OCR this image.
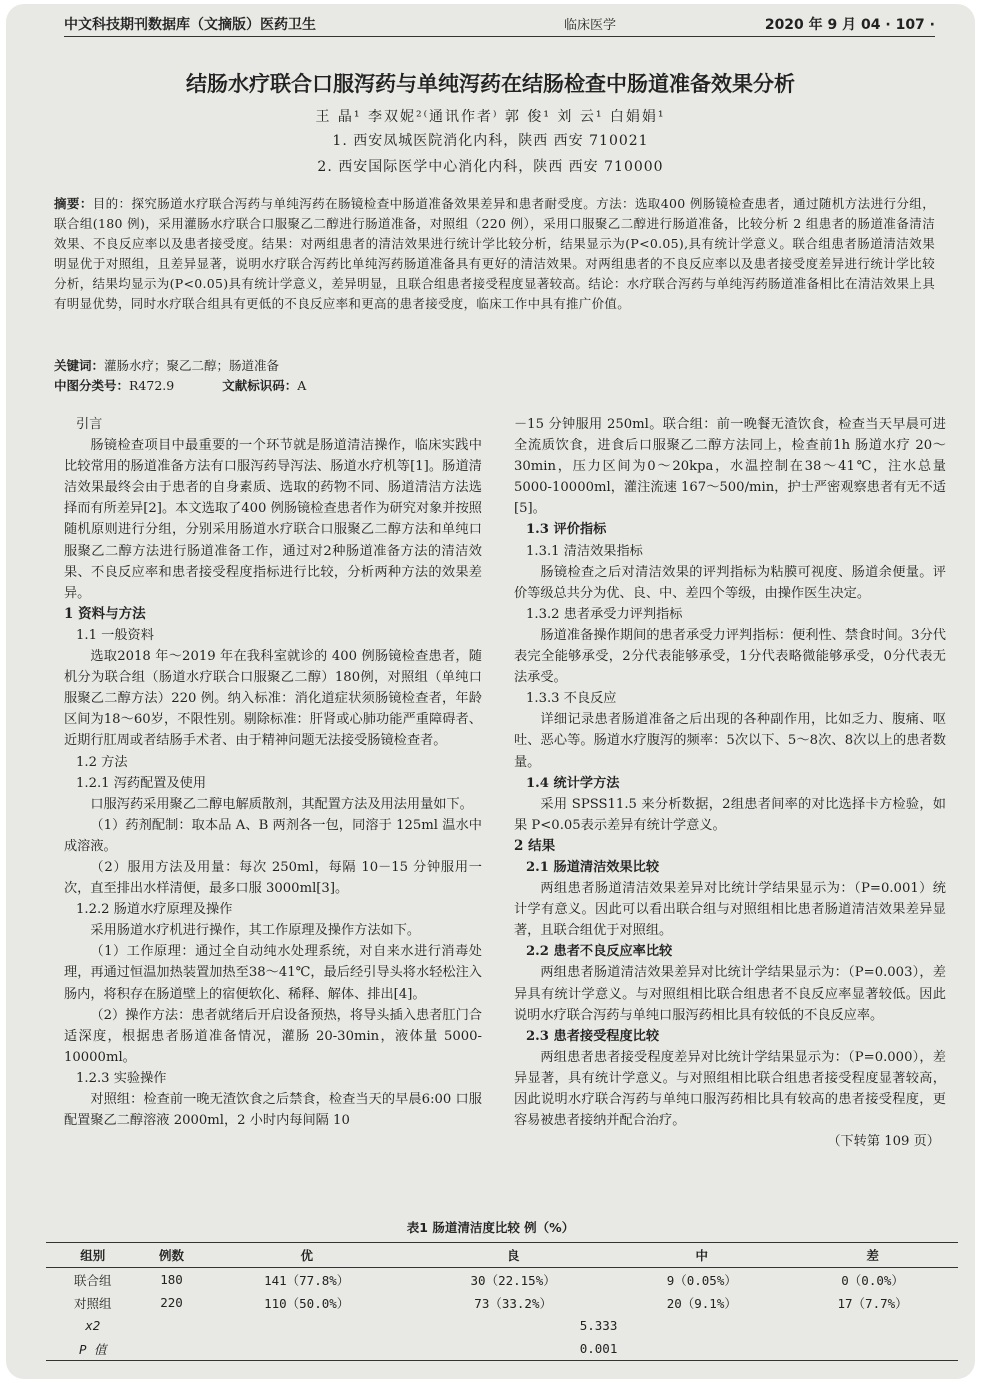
中文科技期刊数据库（文摘版）医药卫生	临床医学	2020 年 9 月 04 · 107 ·
结肠水疗联合口服泻药与单纯泻药在结肠检查中肠道准备效果分析
王 晶¹ 李双妮²⁽通讯作者⁾ 郭 俊¹ 刘 云¹ 白娟娟¹
1. 西安凤城医院消化内科，陕西 西安 710021
2. 西安国际医学中心消化内科，陕西 西安 710000
摘要：目的：探究肠道水疗联合泻药与单纯泻药在肠镜检查中肠道准备效果差异和患者耐受度。方法：选取400 例肠镜检查患者，通过随机方法进行分组，联合组(180 例)，采用灌肠水疗联合口服聚乙二醇进行肠道准备，对照组（220 例），采用口服聚乙二醇进行肠道准备，比较分析 2 组患者的肠道准备清洁效果、不良反应率以及患者接受度。结果：对两组患者的清洁效果进行统计学比较分析，结果显示为(P<0.05),具有统计学意义。联合组患者肠道清洁效果明显优于对照组，且差异显著，说明水疗联合泻药比单纯泻药肠道准备具有更好的清洁效果。对两组患者的不良反应率以及患者接受度差异进行统计学比较分析，结果均显示为(P<0.05)具有统计学意义，差异明显，且联合组患者接受程度显著较高。结论：水疗联合泻药与单纯泻药肠道准备相比在清洁效果上具有明显优势，同时水疗联合组具有更低的不良反应率和更高的患者接受度，临床工作中具有推广价值。
关键词：灌肠水疗；聚乙二醇；肠道准备
中图分类号：R472.9	文献标识码：A
引言

肠镜检查项目中最重要的一个环节就是肠道清洁操作，临床实践中比较常用的肠道准备方法有口服泻药导泻法、肠道水疗机等[1]。肠道清洁效果最终会由于患者的自身素质、选取的药物不同、肠道清洁方法选择而有所差异[2]。本文选取了400 例肠镜检查患者作为研究对象并按照随机原则进行分组，分别采用肠道水疗联合口服聚乙二醇方法和单纯口服聚乙二醇方法进行肠道准备工作，通过对2种肠道准备方法的清洁效果、不良反应率和患者接受程度指标进行比较，分析两种方法的效果差异。

1 资料与方法
1.1 一般资料

选取2018 年～2019 年在我科室就诊的 400 例肠镜检查患者，随机分为联合组（肠道水疗联合口服聚乙二醇）180例，对照组（单纯口服聚乙二醇方法）220 例。纳入标准：消化道症状须肠镜检查者，年龄区间为18～60岁，不限性别。剔除标准：肝肾或心肺功能严重障碍者、近期行肛周或者结肠手术者、由于精神问题无法接受肠镜检查者。

1.2 方法
1.2.1 泻药配置及使用

口服泻药采用聚乙二醇电解质散剂，其配置方法及用法用量如下。

（1）药剂配制：取本品 A、B 两剂各一包，同溶于 125ml 温水中成溶液。

（2）服用方法及用量：每次 250ml，每隔 10－15 分钟服用一次，直至排出水样清便，最多口服 3000ml[3]。

1.2.2 肠道水疗原理及操作

采用肠道水疗机进行操作，其工作原理及操作方法如下。

（1）工作原理：通过全自动纯水处理系统，对自来水进行消毒处理，再通过恒温加热装置加热至38～41℃，最后经引导头将水轻松注入肠内，将积存在肠道壁上的宿便软化、稀释、解体、排出[4]。

（2）操作方法：患者就绪后开启设备预热，将导头插入患者肛门合适深度，根据患者肠道准备情况，灌肠 20-30min，液体量 5000-10000ml。

1.2.3 实验操作

对照组：检查前一晚无渣饮食之后禁食，检查当天的早晨6:00 口服配置聚乙二醇溶液 2000ml，2 小时内每间隔 10

－15 分钟服用 250ml。联合组：前一晚餐无渣饮食，检查当天早晨可进全流质饮食，进食后口服聚乙二醇方法同上，检查前1h 肠道水疗 20～30min，压力区间为0～20kpa，水温控制在38～41℃，注水总量 5000-10000ml，灌注流速 167～500/min，护士严密观察患者有无不适[5]。

1.3 评价指标
1.3.1 清洁效果指标

肠镜检查之后对清洁效果的评判指标为粘膜可视度、肠道余便量。评价等级总共分为优、良、中、差四个等级，由操作医生决定。

1.3.2 患者承受力评判指标

肠道准备操作期间的患者承受力评判指标：便利性、禁食时间。3分代表完全能够承受，2分代表能够承受，1分代表略微能够承受，0分代表无法承受。

1.3.3 不良反应

详细记录患者肠道准备之后出现的各种副作用，比如乏力、腹痛、呕吐、恶心等。肠道水疗腹泻的频率：5次以下、5～8次、8次以上的患者数量。

1.4 统计学方法

采用 SPSS11.5 来分析数据，2组患者间率的对比选择卡方检验，如果 P<0.05表示差异有统计学意义。

2 结果
2.1 肠道清洁效果比较

两组患者肠道清洁效果差异对比统计学结果显示为：（P=0.001）统计学有意义。因此可以看出联合组与对照组相比患者肠道清洁效果差异显著，且联合组优于对照组。

2.2 患者不良反应率比较

两组患者肠道清洁效果差异对比统计学结果显示为：（P=0.003），差异具有统计学意义。与对照组相比联合组患者不良反应率显著较低。因此说明水疗联合泻药与单纯口服泻药相比具有较低的不良反应率。

2.3 患者接受程度比较

两组患者患者接受程度差异对比统计学结果显示为：（P=0.000），差异显著，具有统计学意义。与对照组相比联合组患者接受程度显著较高，因此说明水疗联合泻药与单纯口服泻药相比具有较高的患者接受程度，更容易被患者接纳并配合治疗。

（下转第 109 页）
表1 肠道清洁度比较 例（%）
组别	例数	优	良	中	差
联合组	180	141（77.8%）	30（22.15%）	9（0.05%）	0（0.0%）
对照组	220	110（50.0%）	73（33.2%）	20（9.1%）	17（7.7%）
x2			5.333		
P 值			0.001		
